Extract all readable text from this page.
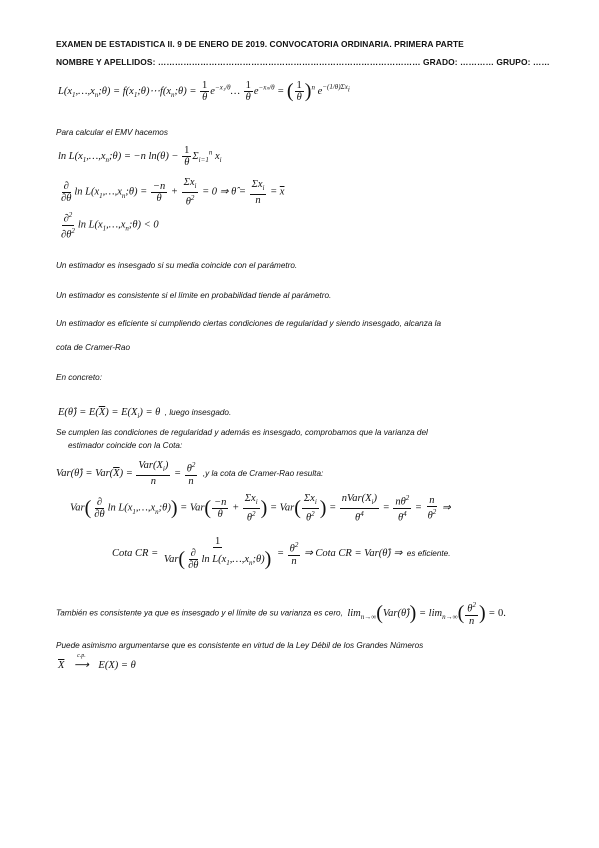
EXAMEN DE ESTADISTICA II. 9 DE ENERO DE 2019. CONVOCATORIA ORDINARIA. PRIMERA PARTE
NOMBRE Y APELLIDOS: ………………………………………………………………………………… GRADO: ………… GRUPO: ……
$L(x_1,\dots,x_n;\theta)$ = $f(x_1;\theta)\cdots f(x_n;\theta) = \frac{1}{\theta}$ $e^{-x_1/\theta}\dots \frac{1}{\theta} e^{-x_n/\theta}$ = ( $\frac{1}{\theta} )^n$ $e^{-(1/\theta)\Sigma x_i}$
Para calcular el EMV hacemos
$\ln L(x_1,\dots,x_n;\theta) = -n$ $\ln(\theta) - \frac{1}{\theta} \Sigma_{i=1}^n$ $x_i$
$\frac{\partial}{\partial\theta}$ $\ln L(x_1,\dots,x_n;\theta) = \frac{-n}{\theta} + \frac{\Sigma x_i}{\theta^2} = 0$ ⇒ θ̂ = $\frac{\Sigma x_i}{n} = \overline{x}$
$\frac{\partial^2}{\partial\theta^2}$ $\ln L(x_1,\dots,x_n;\theta) < 0$
Un estimador es insesgado si su media coincide con el parámetro.
Un estimador es consistente si el límite en probabilidad tiende al parámetro.
Un estimador es eficiente si cumpliendo ciertas condiciones de regularidad y siendo insesgado, alcanza la
cota de Cramer-Rao
En concreto:
E(θ̂) = $E(\overline{X}) = E(X_i) = \theta$ , luego insesgado.
Se cumplen las condiciones de regularidad y además es insesgado, comprobamos que la varianza del
estimador coincide con la Cota:
Var(θ̂) = $Var(\overline{X}) = \frac{Var(X_i)}{n} = \frac{\theta^2}{n} ,y$ la cota de Cramer-Rao resulta:
$Var( \frac{\partial}{\partial\theta}$ $\ln L(x_1,\dots,x_n;\theta)) = Var( \frac{-n}{\theta} + \frac{\Sigma x_i}{\theta^2}$ ) = $Var( \frac{\Sigma x_i}{\theta^2}$ ) = $\frac{nVar(X_i)}{\theta^4} = \frac{n\theta^2}{\theta^4} = \frac{n}{\theta^2}$ ⇒
Cota CR = $\frac{1}{Var( \frac{\partial}{\partial\theta} \ln L(x_1,\dots,x_n;\theta))} = \frac{\theta^2}{n}$ ⇒ Cota CR = Var(θ̂) ⇒ es eficiente.
También es consistente ya que es insesgado y el límite de su varianza es cero, $\lim_{n\to\infty}(Var(\thetâ)) = \lim_{n\to\infty}( \frac{\theta^2}{n}$ ) = 0.
Puede asimismo argumentarse que es consistente en virtud de la Ley Débil de los Grandes Números
$\overline{X}$
c.p.
⟶ E(X) = θ
